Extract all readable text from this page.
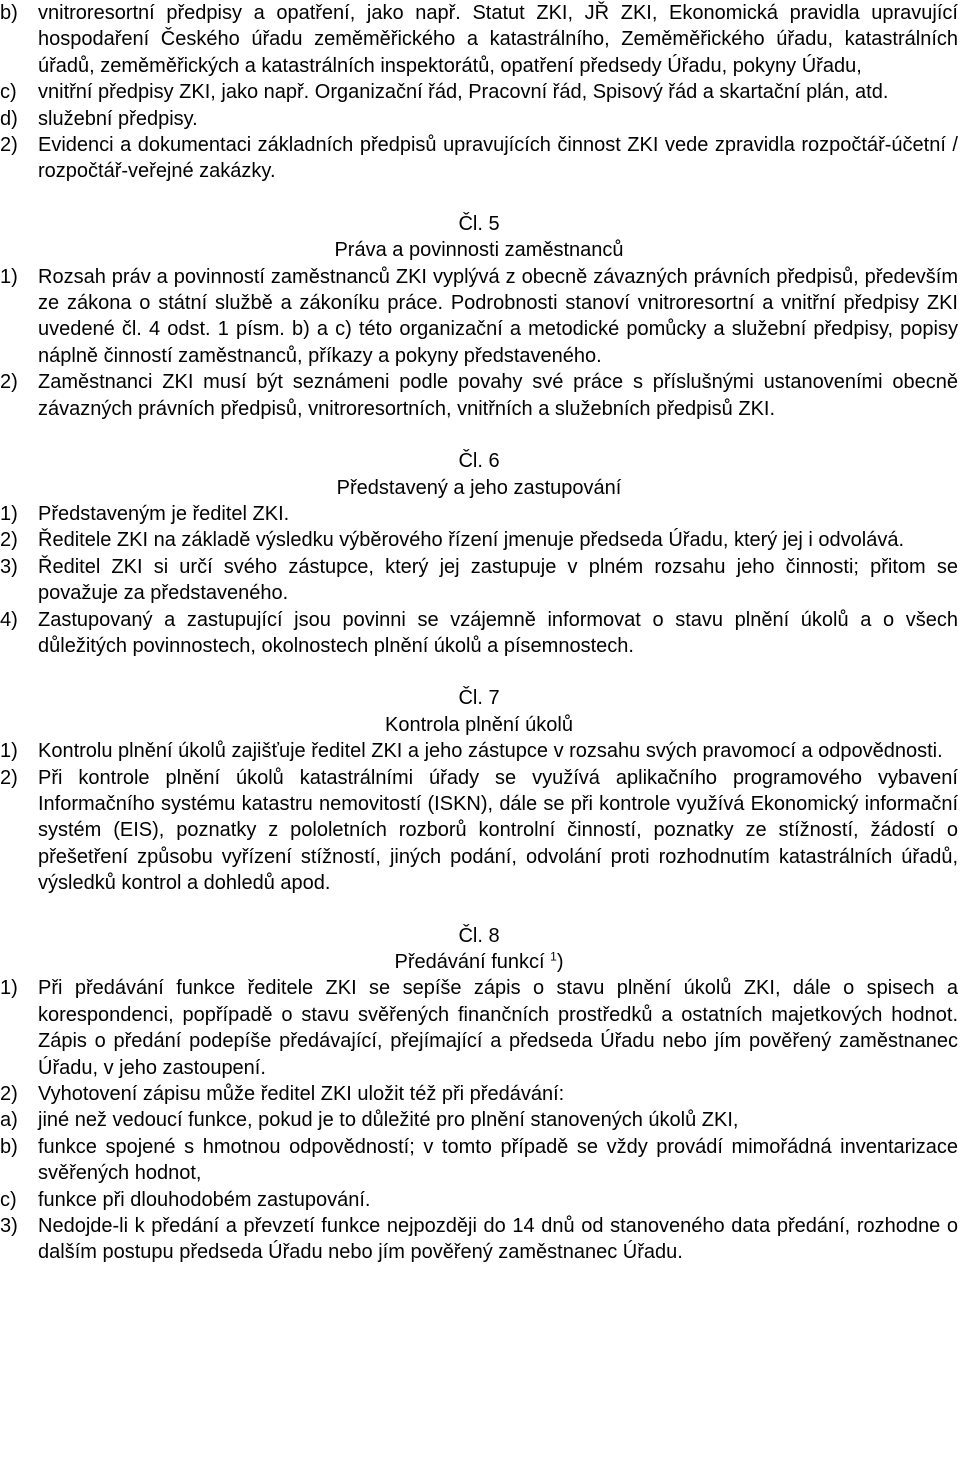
b)	vnitroresortní předpisy a opatření, jako např. Statut ZKI, JŘ ZKI, Ekonomická pravidla upravující hospodaření Českého úřadu zeměměřického a katastrálního, Zeměměřického úřadu, katastrálních úřadů, zeměměřických a katastrálních inspektorátů, opatření předsedy Úřadu, pokyny Úřadu,
c)	vnitřní předpisy ZKI, jako např. Organizační řád, Pracovní řád, Spisový řád a skartační plán, atd.
d)	služební předpisy.
2)	Evidenci a dokumentaci základních předpisů upravujících činnost ZKI vede zpravidla rozpočtář-účetní / rozpočtář-veřejné zakázky.
Čl. 5
Práva a povinnosti zaměstnanců
1)	Rozsah práv a povinností zaměstnanců ZKI vyplývá z obecně závazných právních předpisů, především ze zákona o státní službě a zákoníku práce. Podrobnosti stanoví vnitroresortní a vnitřní předpisy ZKI uvedené čl. 4 odst. 1 písm. b) a c) této organizační a metodické pomůcky a služební předpisy, popisy náplně činností zaměstnanců, příkazy a pokyny představeného.
2)	Zaměstnanci ZKI musí být seznámeni podle povahy své práce s příslušnými ustanoveními obecně závazných právních předpisů, vnitroresortních, vnitřních a služebních předpisů ZKI.
Čl. 6
Představený a jeho zastupování
1)	Představeným je ředitel ZKI.
2)	Ředitele ZKI na základě výsledku výběrového řízení jmenuje předseda Úřadu, který jej i odvolává.
3)	Ředitel ZKI si určí svého zástupce, který jej zastupuje v plném rozsahu jeho činnosti; přitom se považuje za představeného.
4)	Zastupovaný a zastupující jsou povinni se vzájemně informovat o stavu plnění úkolů a o všech důležitých povinnostech, okolnostech plnění úkolů a písemnostech.
Čl. 7
Kontrola plnění úkolů
1)	Kontrolu plnění úkolů zajišťuje ředitel ZKI a jeho zástupce v rozsahu svých pravomocí a odpovědnosti.
2)	Při kontrole plnění úkolů katastrálními úřady se využívá aplikačního programového vybavení Informačního systému katastru nemovitostí (ISKN), dále se při kontrole využívá Ekonomický informační systém (EIS), poznatky z pololetních rozborů kontrolní činností, poznatky ze stížností, žádostí o přešetření způsobu vyřízení stížností, jiných podání, odvolání proti rozhodnutím katastrálních úřadů, výsledků kontrol a dohledů apod.
Čl. 8
Předávání funkcí $^1$)
1)	Při předávání funkce ředitele ZKI se sepíše zápis o stavu plnění úkolů ZKI, dále o spisech a korespondenci, popřípadě o stavu svěřených finančních prostředků a ostatních majetkových hodnot. Zápis o předání podepíše předávající, přejímající a předseda Úřadu nebo jím pověřený zaměstnanec Úřadu, v jeho zastoupení.
2)	Vyhotovení zápisu může ředitel ZKI uložit též při předávání:
a)	jiné než vedoucí funkce, pokud je to důležité pro plnění stanovených úkolů ZKI,
b)	funkce spojené s hmotnou odpovědností; v tomto případě se vždy provádí mimořádná inventarizace svěřených hodnot,
c)	funkce při dlouhodobém zastupování.
3)	Nedojde-li k předání a převzetí funkce nejpozději do 14 dnů od stanoveného data předání, rozhodne o dalším postupu předseda Úřadu nebo jím pověřený zaměstnanec Úřadu.
